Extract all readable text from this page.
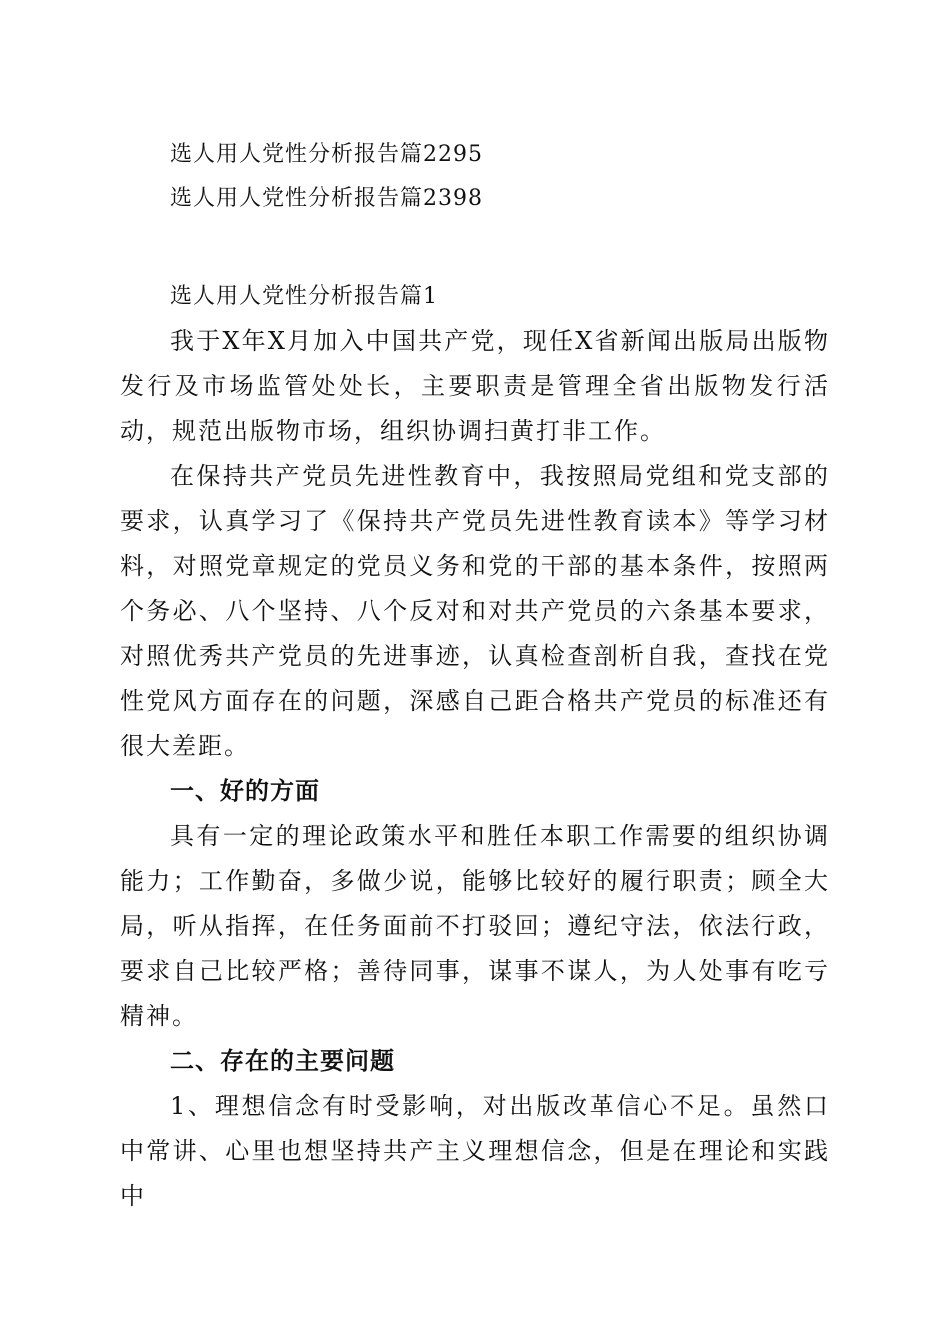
选人用人党性分析报告篇2295

选人用人党性分析报告篇2398

选人用人党性分析报告篇1

我于X年X月加入中国共产党，现任X省新闻出版局出版物发行及市场监管处处长，主要职责是管理全省出版物发行活动，规范出版物市场，组织协调扫黄打非工作。

在保持共产党员先进性教育中，我按照局党组和党支部的要求，认真学习了《保持共产党员先进性教育读本》等学习材料，对照党章规定的党员义务和党的干部的基本条件，按照两个务必、八个坚持、八个反对和对共产党员的六条基本要求，对照优秀共产党员的先进事迹，认真检查剖析自我，查找在党性党风方面存在的问题，深感自己距合格共产党员的标准还有很大差距。

一、好的方面

具有一定的理论政策水平和胜任本职工作需要的组织协调能力；工作勤奋，多做少说，能够比较好的履行职责；顾全大局，听从指挥，在任务面前不打驳回；遵纪守法，依法行政，要求自己比较严格；善待同事，谋事不谋人，为人处事有吃亏精神。

二、存在的主要问题

1、理想信念有时受影响，对出版改革信心不足。虽然口中常讲、心里也想坚持共产主义理想信念，但是在理论和实践中
